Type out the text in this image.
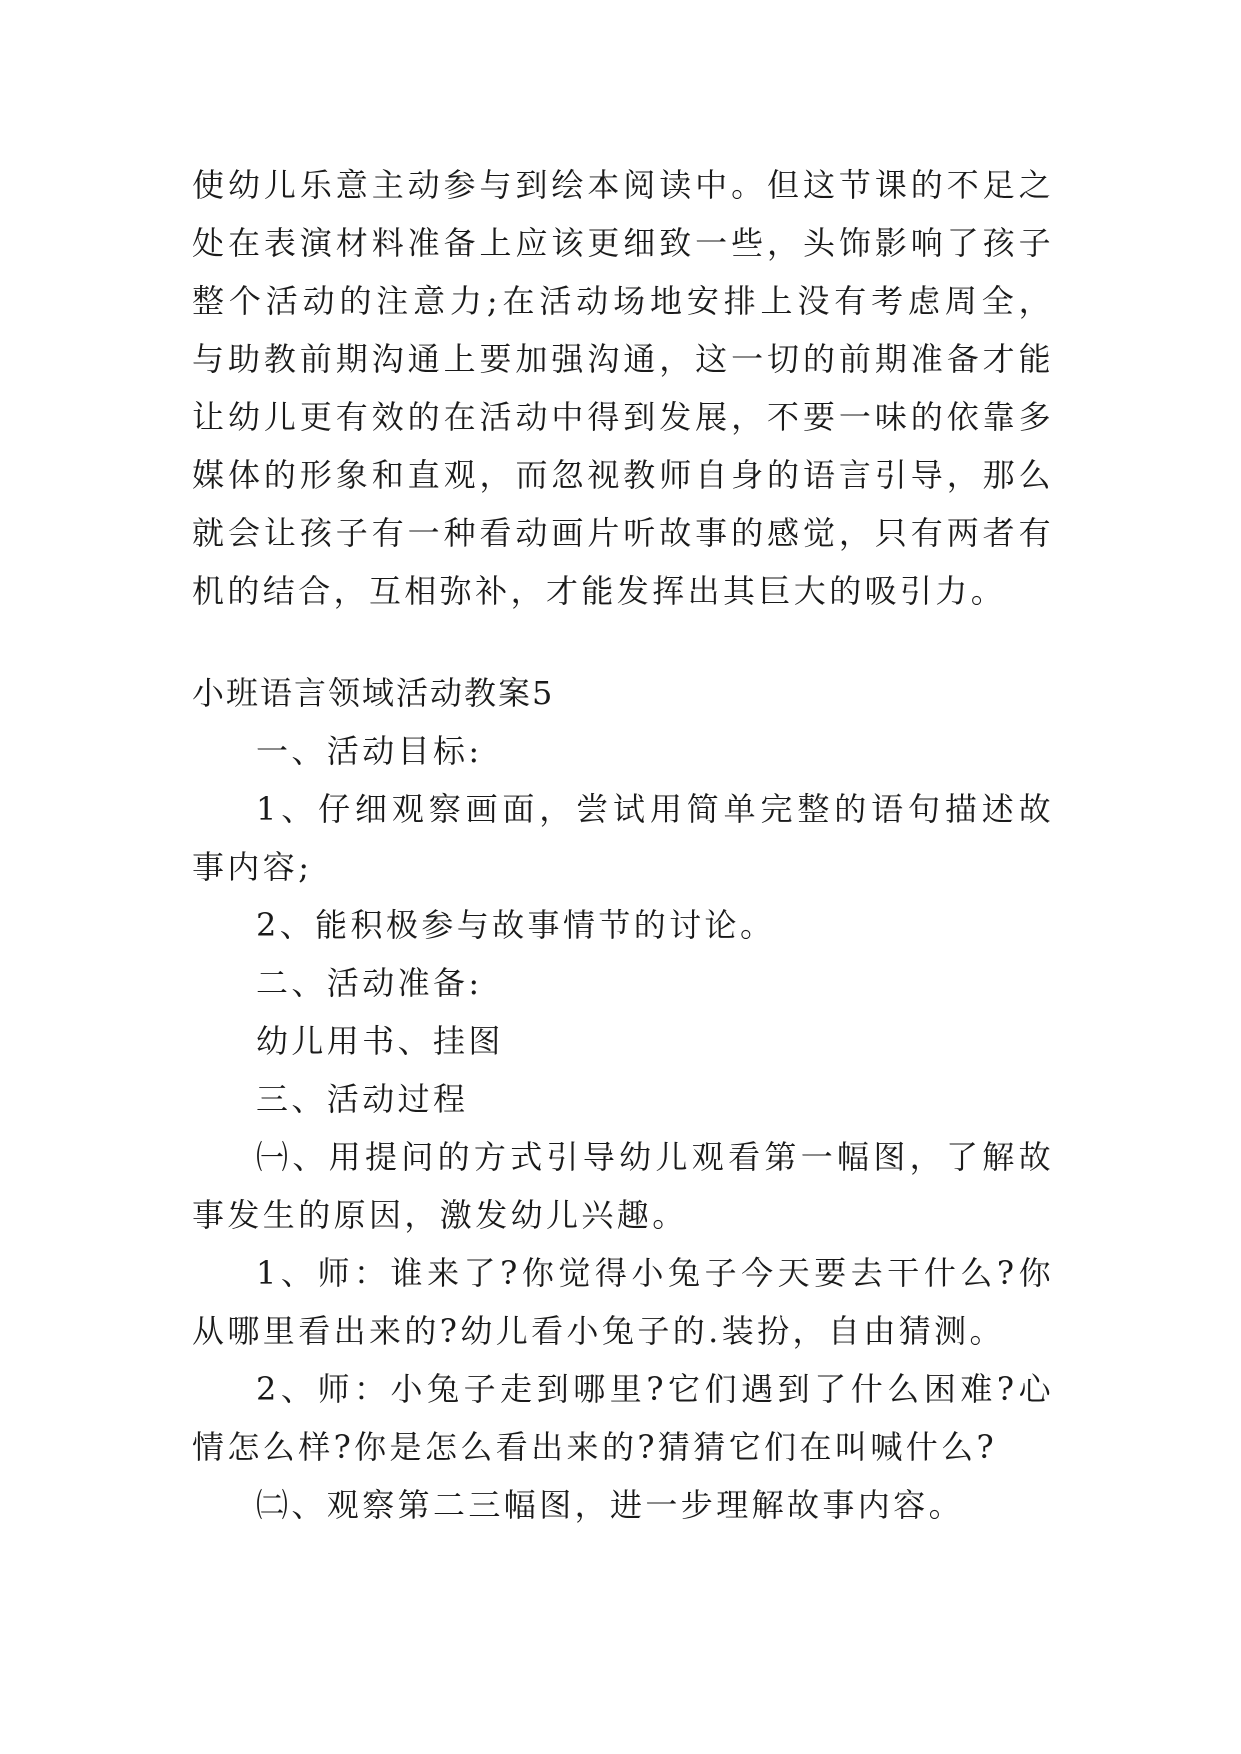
使幼儿乐意主动参与到绘本阅读中。但这节课的不足之处在表演材料准备上应该更细致一些，头饰影响了孩子整个活动的注意力;在活动场地安排上没有考虑周全，与助教前期沟通上要加强沟通，这一切的前期准备才能让幼儿更有效的在活动中得到发展，不要一味的依靠多媒体的形象和直观，而忽视教师自身的语言引导，那么就会让孩子有一种看动画片听故事的感觉，只有两者有机的结合，互相弥补，才能发挥出其巨大的吸引力。

小班语言领域活动教案5

一、活动目标:

1、仔细观察画面，尝试用简单完整的语句描述故事内容;

2、能积极参与故事情节的讨论。

二、活动准备:

幼儿用书、挂图

三、活动过程

㈠、用提问的方式引导幼儿观看第一幅图，了解故事发生的原因，激发幼儿兴趣。

1、师：谁来了?你觉得小兔子今天要去干什么?你从哪里看出来的?幼儿看小兔子的.装扮，自由猜测。

2、师：小兔子走到哪里?它们遇到了什么困难?心情怎么样?你是怎么看出来的?猜猜它们在叫喊什么?

㈡、观察第二三幅图，进一步理解故事内容。
